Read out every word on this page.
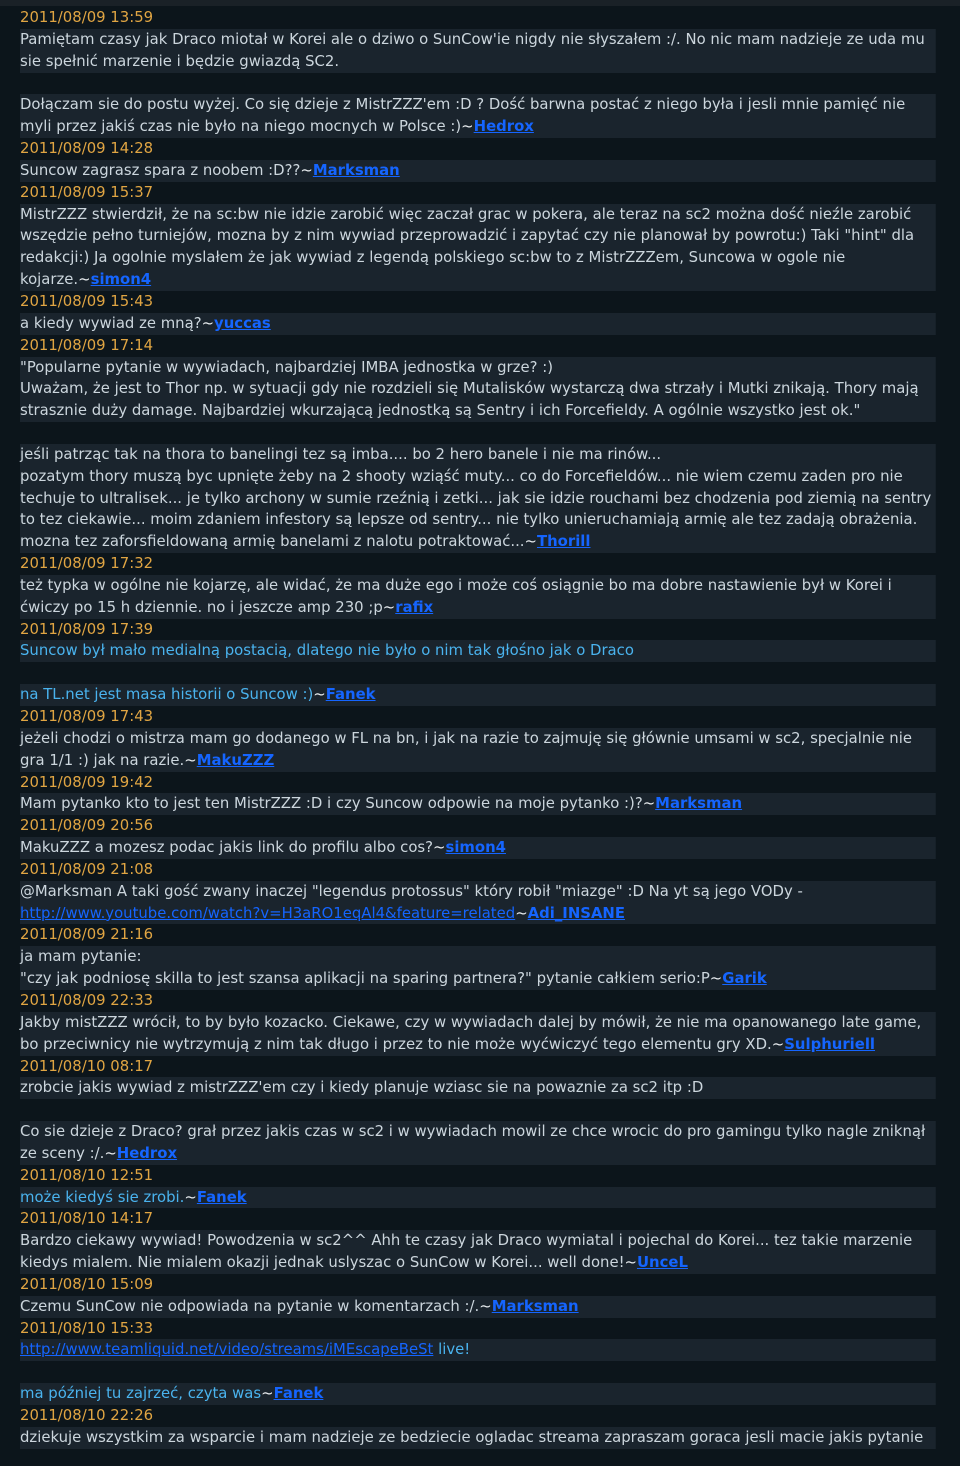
2011/08/09 13:59
Pamiętam czasy jak Draco miotał w Korei ale o dziwo o SunCow'ie nigdy nie słyszałem :/. No nic mam nadzieje ze uda mu sie spełnić marzenie i będzie gwiazdą SC2.
Dołączam sie do postu wyżej. Co się dzieje z MistrZZZ'em :D ? Dość barwna postać z niego była i jesli mnie pamięć nie myli przez jakiś czas nie było na niego mocnych w Polsce :)~Hedrox
2011/08/09 14:28
Suncow zagrasz spara z noobem :D??~Marksman
2011/08/09 15:37
MistrZZZ stwierdził, że na sc:bw nie idzie zarobić więc zaczał grac w pokera, ale teraz na sc2 można dość nieźle zarobić wszędzie pełno turniejów, mozna by z nim wywiad przeprowadzić i zapytać czy nie planował by powrotu:) Taki "hint" dla redakcji:) Ja ogolnie myslałem że jak wywiad z legendą polskiego sc:bw to z MistrZZZem, Suncowa w ogole nie kojarze.~simon4
2011/08/09 15:43
a kiedy wywiad ze mną?~yuccas
2011/08/09 17:14
"Popularne pytanie w wywiadach, najbardziej IMBA jednostka w grze? :)
Uważam, że jest to Thor np. w sytuacji gdy nie rozdzieli się Mutalisków wystarczą dwa strzały i Mutki znikają. Thory mają strasznie duży damage. Najbardziej wkurzającą jednostką są Sentry i ich Forcefieldy. A ogólnie wszystko jest ok."
jeśli patrząc tak na thora to banelingi tez są imba.... bo 2 hero banele i nie ma rinów...
pozatym thory muszą byc upnięte żeby na 2 shooty wziąść muty... co do Forcefieldów... nie wiem czemu zaden pro nie techuje to ultralisek... je tylko archony w sumie rzeźnią i zetki... jak sie idzie rouchami bez chodzenia pod ziemią na sentry to tez ciekawie... moim zdaniem infestory są lepsze od sentry... nie tylko unieruchamiają armię ale tez zadają obrażenia. mozna tez zaforsfieldowaną armię banelami z nalotu potraktować...~Thorill
2011/08/09 17:32
też typka w ogólne nie kojarzę, ale widać, że ma duże ego i może coś osiągnie bo ma dobre nastawienie był w Korei i ćwiczy po 15 h dziennie. no i jeszcze amp 230 ;p~rafix
2011/08/09 17:39
Suncow był mało medialną postacią, dlatego nie było o nim tak głośno jak o Draco
na TL.net jest masa historii o Suncow :)~Fanek
2011/08/09 17:43
jeżeli chodzi o mistrza mam go dodanego w FL na bn, i jak na razie to zajmuję się głównie umsami w sc2, specjalnie nie gra 1/1 :) jak na razie.~MakuZZZ
2011/08/09 19:42
Mam pytanko kto to jest ten MistrZZZ :D i czy Suncow odpowie na moje pytanko :)?~Marksman
2011/08/09 20:56
MakuZZZ a mozesz podac jakis link do profilu albo cos?~simon4
2011/08/09 21:08
@Marksman A taki gość zwany inaczej "legendus protossus" który robił "miazge" :D Na yt są jego VODy - http://www.youtube.com/watch?v=H3aRO1eqAl4&feature=related~Adi_INSANE
2011/08/09 21:16
ja mam pytanie:
"czy jak podniosę skilla to jest szansa aplikacji na sparing partnera?" pytanie całkiem serio:P~Garik
2011/08/09 22:33
Jakby mistZZZ wrócił, to by było kozacko. Ciekawe, czy w wywiadach dalej by mówił, że nie ma opanowanego late game, bo przeciwnicy nie wytrzymują z nim tak długo i przez to nie może wyćwiczyć tego elementu gry XD.~Sulphuriell
2011/08/10 08:17
zrobcie jakis wywiad z mistrZZZ'em czy i kiedy planuje wziasc sie na powaznie za sc2 itp :D
Co sie dzieje z Draco? grał przez jakis czas w sc2 i w wywiadach mowil ze chce wrocic do pro gamingu tylko nagle zniknął ze sceny :/.~Hedrox
2011/08/10 12:51
może kiedyś sie zrobi.~Fanek
2011/08/10 14:17
Bardzo ciekawy wywiad! Powodzenia w sc2^^ Ahh te czasy jak Draco wymiatal i pojechal do Korei... tez takie marzenie kiedys mialem. Nie mialem okazji jednak uslyszac o SunCow w Korei... well done!~UnceL
2011/08/10 15:09
Czemu SunCow nie odpowiada na pytanie w komentarzach :/.~Marksman
2011/08/10 15:33
http://www.teamliquid.net/video/streams/iMEscapeBeSt live!
ma później tu zajrzeć, czyta was~Fanek
2011/08/10 22:26
dziekuje wszystkim za wsparcie i mam nadzieje ze bedziecie ogladac streama zapraszam goraca jesli macie jakis pytanie
